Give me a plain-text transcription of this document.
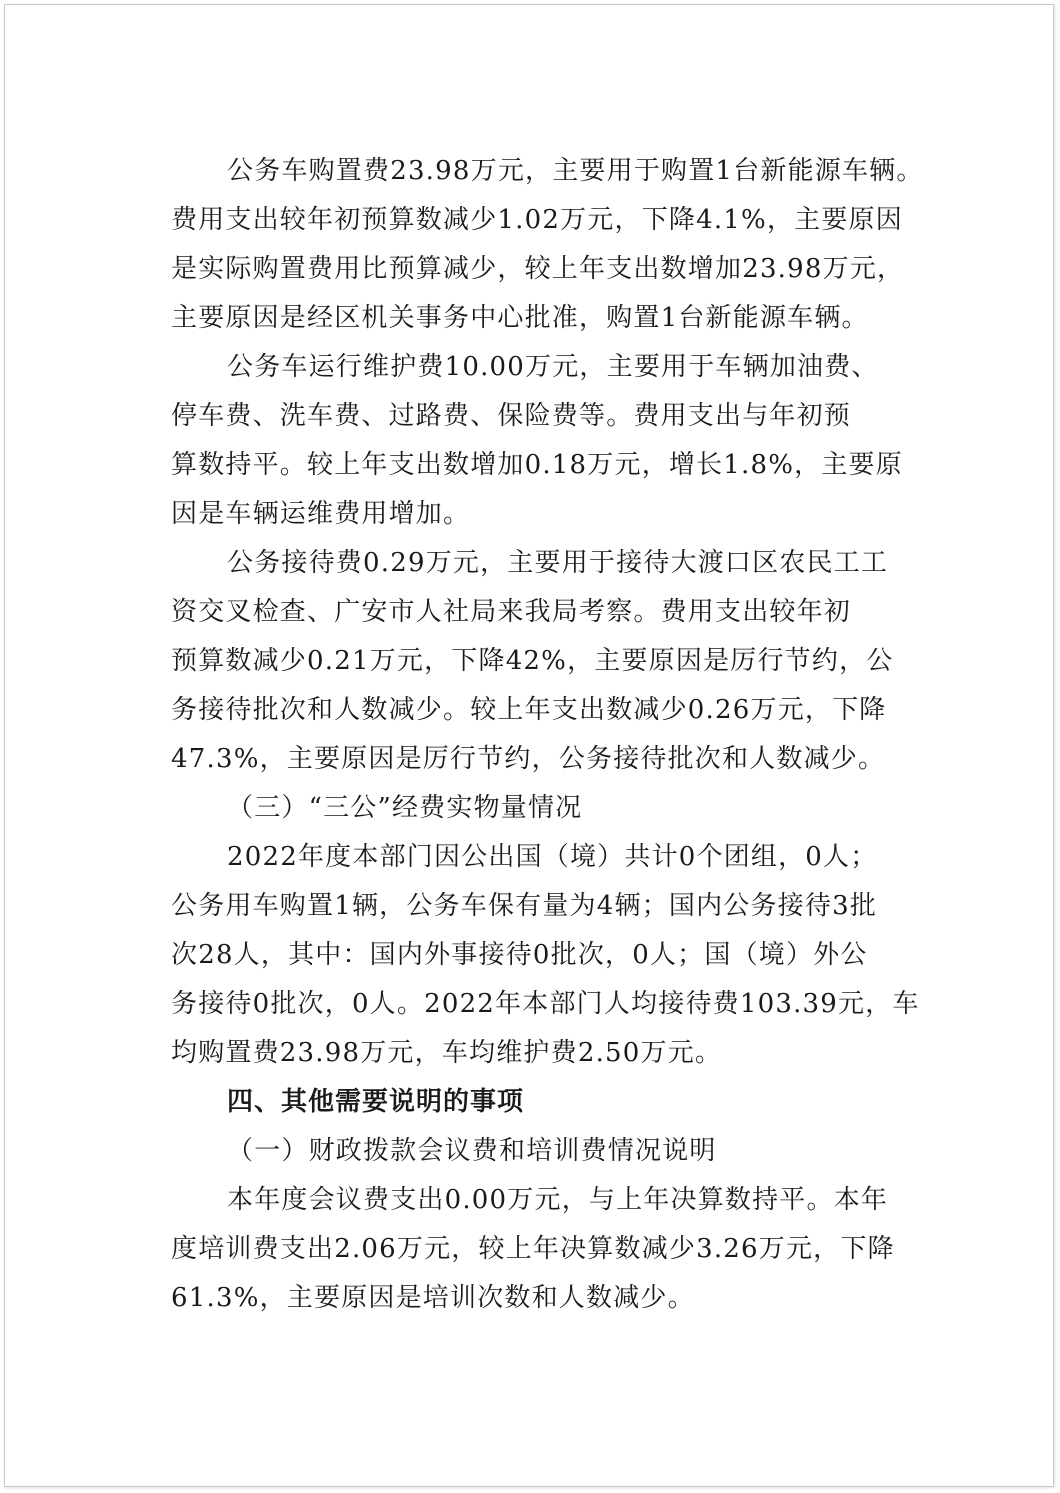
公务车购置费23.98万元，主要用于购置1台新能源车辆。
费用支出较年初预算数减少1.02万元，下降4.1%，主要原因
是实际购置费用比预算减少，较上年支出数增加23.98万元，
主要原因是经区机关事务中心批准，购置1台新能源车辆。

公务车运行维护费10.00万元，主要用于车辆加油费、
停车费、洗车费、过路费、保险费等。费用支出与年初预
算数持平。较上年支出数增加0.18万元，增长1.8%，主要原
因是车辆运维费用增加。

公务接待费0.29万元，主要用于接待大渡口区农民工工
资交叉检查、广安市人社局来我局考察。费用支出较年初
预算数减少0.21万元，下降42%，主要原因是厉行节约，公
务接待批次和人数减少。较上年支出数减少0.26万元，下降
47.3%，主要原因是厉行节约，公务接待批次和人数减少。

（三）“三公”经费实物量情况

2022年度本部门因公出国（境）共计0个团组，0人；
公务用车购置1辆，公务车保有量为4辆；国内公务接待3批
次28人，其中：国内外事接待0批次，0人；国（境）外公
务接待0批次，0人。2022年本部门人均接待费103.39元，车
均购置费23.98万元，车均维护费2.50万元。

四、其他需要说明的事项

（一）财政拨款会议费和培训费情况说明

本年度会议费支出0.00万元，与上年决算数持平。本年
度培训费支出2.06万元，较上年决算数减少3.26万元，下降
61.3%，主要原因是培训次数和人数减少。
